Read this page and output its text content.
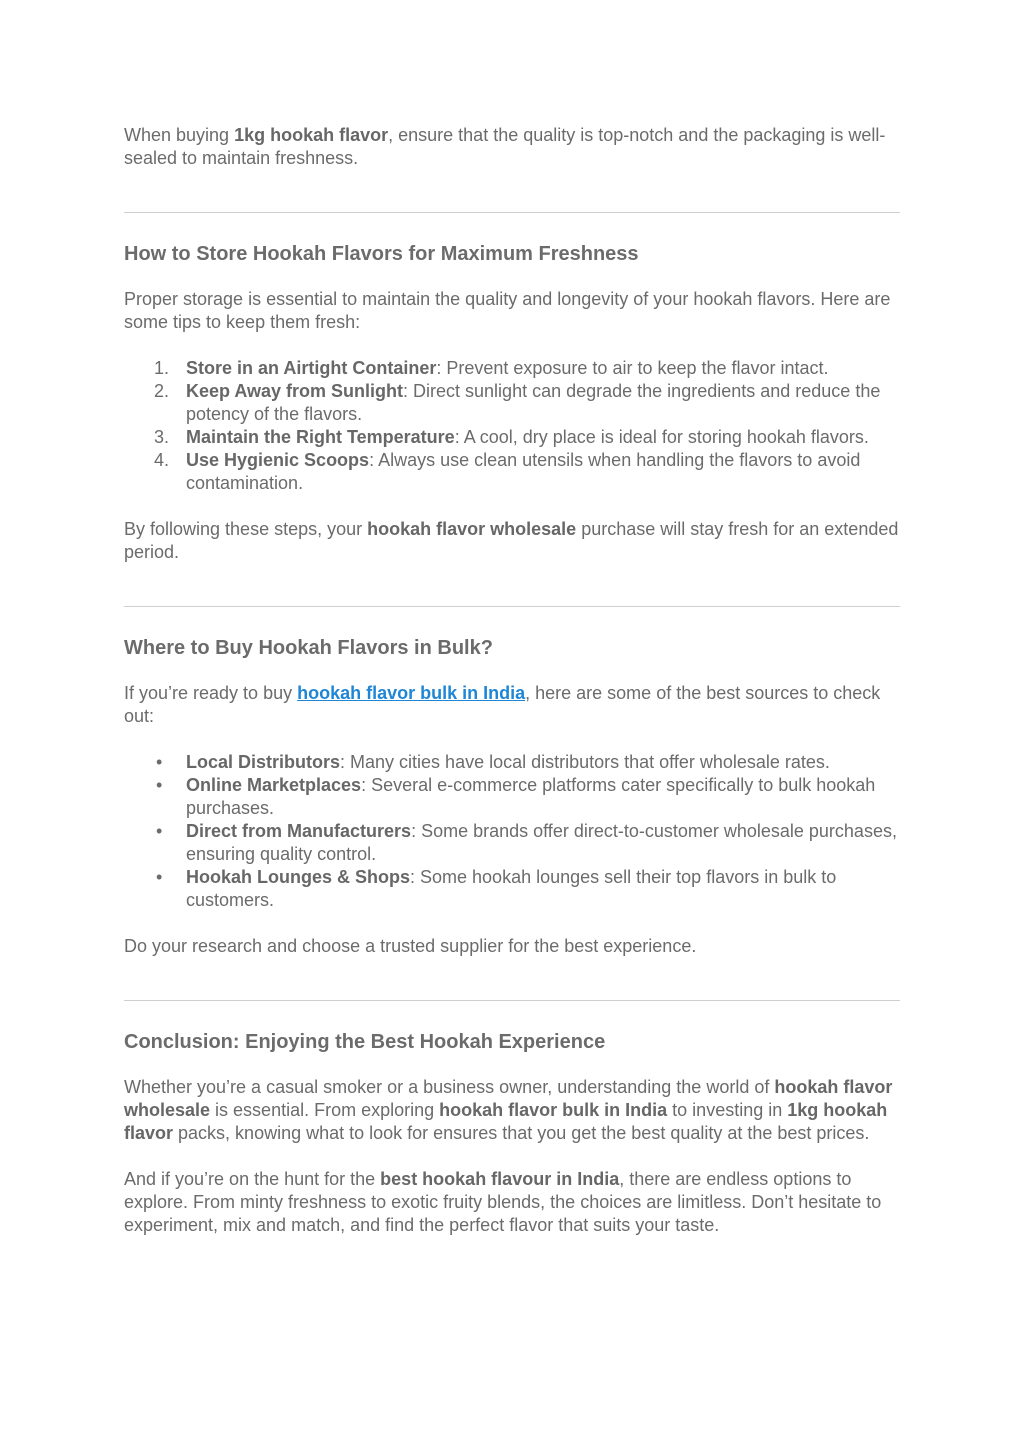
When buying 1kg hookah flavor, ensure that the quality is top-notch and the packaging is well-sealed to maintain freshness.

How to Store Hookah Flavors for Maximum Freshness

Proper storage is essential to maintain the quality and longevity of your hookah flavors. Here are some tips to keep them fresh:

1. Store in an Airtight Container: Prevent exposure to air to keep the flavor intact.
2. Keep Away from Sunlight: Direct sunlight can degrade the ingredients and reduce the potency of the flavors.
3. Maintain the Right Temperature: A cool, dry place is ideal for storing hookah flavors.
4. Use Hygienic Scoops: Always use clean utensils when handling the flavors to avoid contamination.

By following these steps, your hookah flavor wholesale purchase will stay fresh for an extended period.

Where to Buy Hookah Flavors in Bulk?

If you’re ready to buy hookah flavor bulk in India, here are some of the best sources to check out:

• Local Distributors: Many cities have local distributors that offer wholesale rates.
• Online Marketplaces: Several e-commerce platforms cater specifically to bulk hookah purchases.
• Direct from Manufacturers: Some brands offer direct-to-customer wholesale purchases, ensuring quality control.
• Hookah Lounges & Shops: Some hookah lounges sell their top flavors in bulk to customers.

Do your research and choose a trusted supplier for the best experience.

Conclusion: Enjoying the Best Hookah Experience

Whether you’re a casual smoker or a business owner, understanding the world of hookah flavor wholesale is essential. From exploring hookah flavor bulk in India to investing in 1kg hookah flavor packs, knowing what to look for ensures that you get the best quality at the best prices.

And if you’re on the hunt for the best hookah flavour in India, there are endless options to explore. From minty freshness to exotic fruity blends, the choices are limitless. Don’t hesitate to experiment, mix and match, and find the perfect flavor that suits your taste.
